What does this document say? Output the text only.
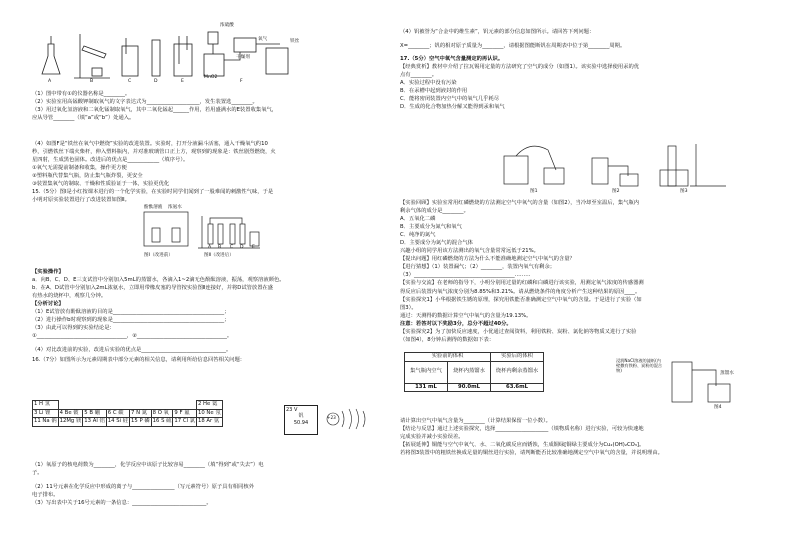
A	B	C	D	E	F
浓硫酸
铁丝
氧气
干燥剂
MnO2
（1）图中带有①的仪器名称是________。
（2）实验室用高锰酸钾制取氧气的文字表达式为____________________，发生装置选________。
（3）用过氧化氢溶液和二氧化锰制取氧气，其中二氧化锰起______作用，若用盛满水的E装置收集氧气，
应从导管________（填“a”或“b”）处通入。
（4）如图F是“铁丝在氧气中燃烧”实验的改进装置。实验时，打开分液漏斗活塞，通入干燥氧气约10
秒，引燃铁丝下端火柴杆，伸入塑料瓶内，并对准玻璃管口正上方，观察到的现象是：铁丝剧烈燃烧，火
星四射，生成黑色固体。改进后的优点是____________（填序号）。
①氧气无需提前制备和收集，操作更方便
②塑料瓶代替集气瓶，防止集气瓶炸裂，更安全
③装置集氧气的制取、干燥和性质验证于一体，实验更优化
15.（5分）图Ⅰ是小红按课本进行的一个化学实验，在实验时同学们闻到了一股难闻的刺激性气味，于是
小明对原实验装置进行了改进装置如图Ⅱ。
图Ⅰ（改进前）	图Ⅱ（改进后）
酚酞溶液 浓氨水
A B C D E
【实验操作】
a．向B、C、D、E三支试管中分别加入5mL的蒸馏水，各滴入1~2滴无色酚酞溶液，振荡，观察溶液颜色。
b．在A、D试管中分别加入2mL浓氨水，立即用带橡皮塞的导管按实验图Ⅱ连接好，并将D试管放置在盛
有热水的烧杯中，观察几分钟。
【分析讨论】
（1）E试管放有酚酞溶液的目的是__________________________________________；
（2）进行操作b时观察到的现象是__________________________________________；
（3）由此可以得到的实验结论是：
①__________________________________，②__________________________________。
（4）对比改进前的实验，改进后实验的优点是________________________________。
16.（7分）如图所示为元素周期表中部分元素的相关信息，请利用所给信息回答相关问题：
1 H 氢							2 He 氦
3 Li 锂	4 Be 铍	5 B 硼	6 C 碳	7 N 氮	8 O 氧	9 F 氟	10 Ne 氖
11 Na 钠	12Mg 镁	13 Al 铝	14 Si 硅	15 P 磷	16 S 硫	17 Cl 氯	18 Ar 氩
23 V
钒
50.94
+23
（1）氧原子的核电荷数为________，化学反应中该原子比较容易________（填“得到”或“失去”）电
子。
（2）11号元素在化学反应中形成的离子与________________（写元素符号）原子具有相同核外
电子排布。
（3）写出表中关于16号元素的一条信息：____________________________。
（4）钒被誉为“合金中的维生素”，钒元素的部分信息如图所示。请回答下列问题：
X=________；钒的相对原子质量为________，请根据图能断钒在周期表中位于第________周期。
17.（5分）空气中氧气含量测定的再认识。
【经典赏析】教材中介绍了拉瓦锡用定量的方法研究了空气的成分（如图1）。该实验中选择使用汞的优
点有________。
A．实验过程中没有污染
B．在汞槽中起到液封的作用
C．能将密闭装置内空气中的氧气几乎耗尽
D．生成的化合物加热分解又能得到汞和氧气
图1	图2	图3
【实验回顾】实验室常用红磷燃烧的方法测定空气中氧气的含量（如图2），当冷却至室温后，集气瓶内
剩余气体的成分是________。
A．五氧化二磷
B．主要成分为氮气和氧气
C．纯净的氮气
D．主要成分为氮气的混合气体
兴趣小组的同学用该方法测出的氧气含量常常远低于21%。
【提出问题】用红磷燃烧的方法为什么不能准确地测定空气中氧气的含量？
【进行猜想】（1）装置漏气；（2）________，装置内氧气有剩余；
（3）______________________________________………
【实验与交流】在老师的指导下，小明分别用过量的红磷和白磷进行该实验，用测定氧气浓度的传感器测
得反应后装置内氧气浓度分别为8.85%和3.21%。请从燃烧条件的角度分析产生这种结果的原因____。
【实验探究1】小华根据铁生锈的原理，探究用铁能否准确测定空气中氧气的含量。于是进行了实验（如
图3）。
通过：天测得的数据计算空气中氧气的含量为19.13%。
注意：若答对以下奖励3分，总分不超过40分。
【实验探究2】为了加快反应速度，小优通过查阅资料，利用铁粉、炭粉、氯化钠等物质又进行了实验
（如图4），8分钟后测得的数据如下表：
实验前的体积		实验后的体积
集气瓶内空气	烧杯内蒸馏水	烧杯内剩余蒸馏水
131 mL	90.0mL	63.6mL
浸润NaCl溶液的滤纸(内壁撒有铁粉、炭粉的混合物)
蒸馏水
图4
请计算出空气中氧气含量为________（计算结果保留一位小数）。
【结论与反思】通过上述实验探究，选择____________________（填物质名称）进行实验，可较为快速地
完成实验并减小实验误差。
【拓展延伸】铜能与空气中氧气、水、二氧化碳反应而锈蚀，生成铜绿[铜绿主要成分为Cu₂(OH)₂CO₃]。
若将图3装置中的粗铁丝换成足量的铜丝进行实验，请判断能否比较准确地测定空气中氧气的含量，并说明理由。
